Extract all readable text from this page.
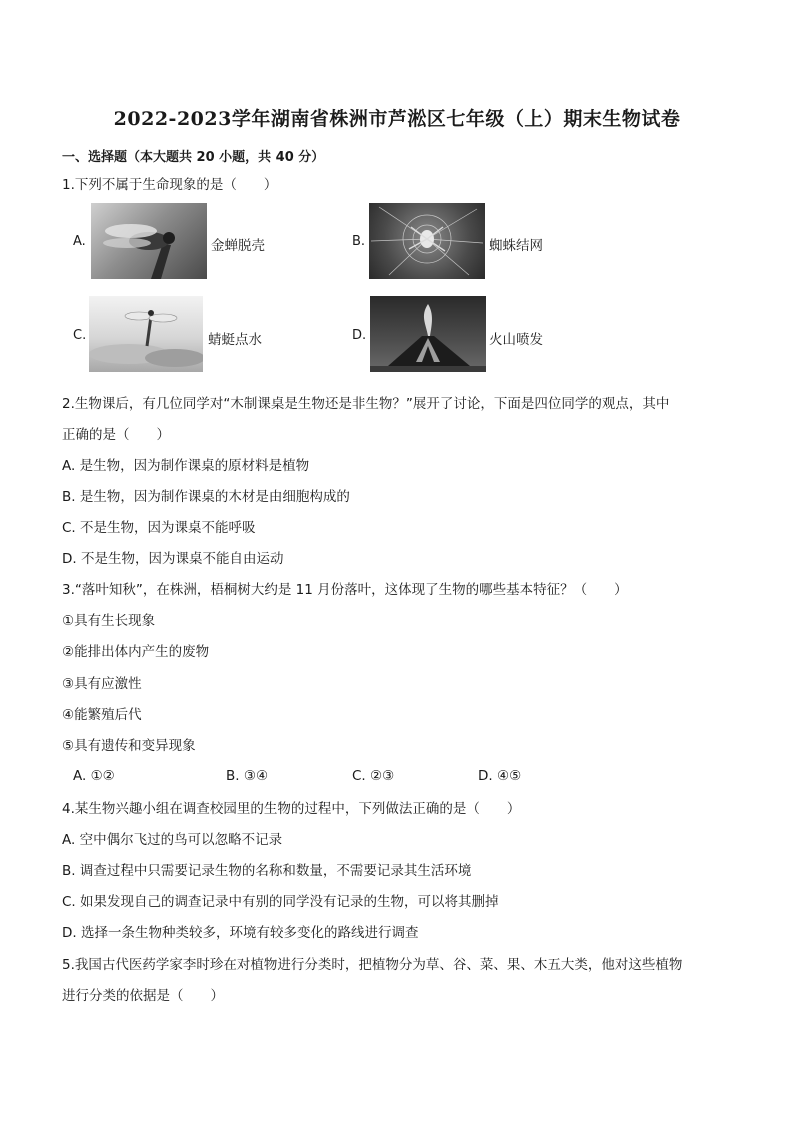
2022-2023学年湖南省株洲市芦淞区七年级（上）期末生物试卷
一、选择题（本大题共 20 小题，共 40 分）
1.下列不属于生命现象的是（　　）
A.	金蝉脱壳	B.	蜘蛛结网
C.	蜻蜓点水	D.	火山喷发
2.生物课后，有几位同学对“木制课桌是生物还是非生物？”展开了讨论，下面是四位同学的观点，其中
正确的是（　　）
A. 是生物，因为制作课桌的原材料是植物
B. 是生物，因为制作课桌的木材是由细胞构成的
C. 不是生物，因为课桌不能呼吸
D. 不是生物，因为课桌不能自由运动
3.“落叶知秋”，在株洲，梧桐树大约是 11 月份落叶，这体现了生物的哪些基本特征？（　　）
①具有生长现象
②能排出体内产生的废物
③具有应激性
④能繁殖后代
⑤具有遗传和变异现象
A. ①②	B. ③④	C. ②③	D. ④⑤
4.某生物兴趣小组在调查校园里的生物的过程中，下列做法正确的是（　　）
A. 空中偶尔飞过的鸟可以忽略不记录
B. 调查过程中只需要记录生物的名称和数量，不需要记录其生活环境
C. 如果发现自己的调查记录中有别的同学没有记录的生物，可以将其删掉
D. 选择一条生物种类较多，环境有较多变化的路线进行调查
5.我国古代医药学家李时珍在对植物进行分类时，把植物分为草、谷、菜、果、木五大类，他对这些植物
进行分类的依据是（　　）
